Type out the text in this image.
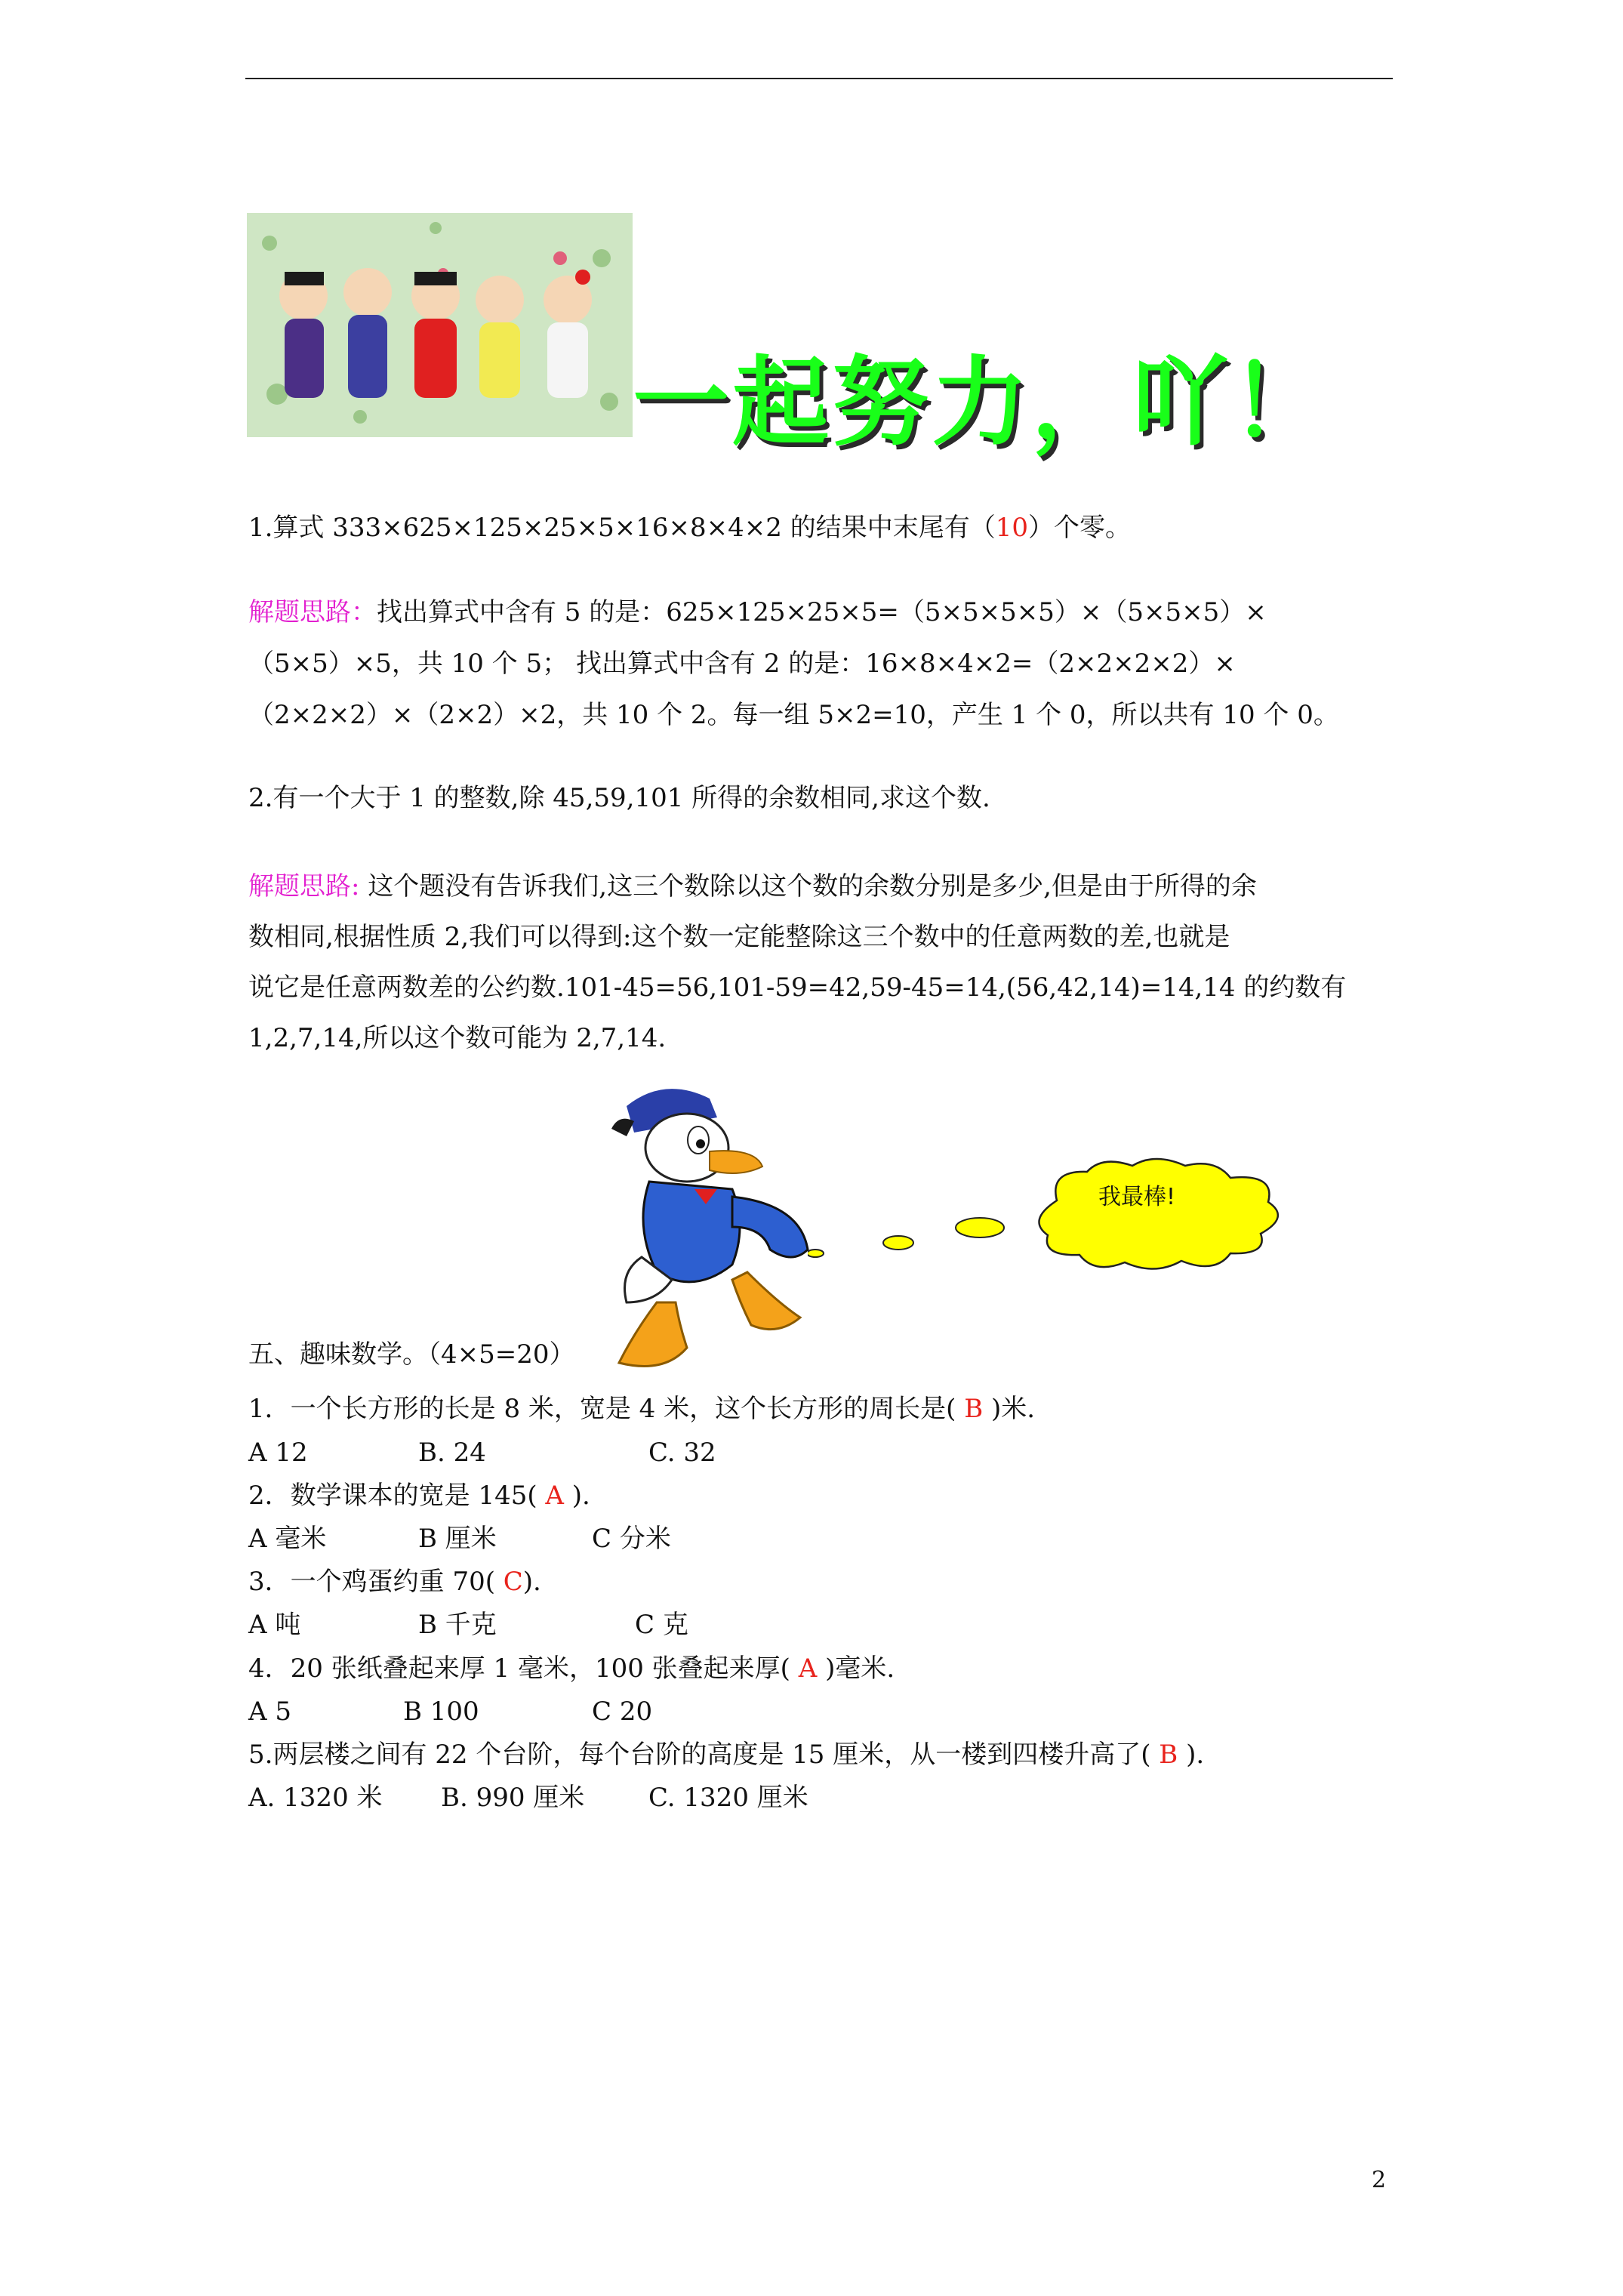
一起努力，吖！
1.算式 333×625×125×25×5×16×8×4×2 的结果中末尾有（10）个零。
解题思路：找出算式中含有 5 的是：625×125×25×5=（5×5×5×5）×（5×5×5）×
（5×5）×5，共 10 个 5； 找出算式中含有 2 的是：16×8×4×2=（2×2×2×2）×
（2×2×2）×（2×2）×2，共 10 个 2。每一组 5×2=10，产生 1 个 0，所以共有 10 个 0。
2.有一个大于 1 的整数,除 45,59,101 所得的余数相同,求这个数.
解题思路: 这个题没有告诉我们,这三个数除以这个数的余数分别是多少,但是由于所得的余
数相同,根据性质 2,我们可以得到:这个数一定能整除这三个数中的任意两数的差,也就是
说它是任意两数差的公约数.101-45=56,101-59=42,59-45=14,(56,42,14)=14,14 的约数有
1,2,7,14,所以这个数可能为 2,7,14.
我最棒!
五、趣味数学。（4×5=20）
1．一个长方形的长是 8 米，宽是 4 米，这个长方形的周长是( B )米.
A 12	B. 24	C. 32
2．数学课本的宽是 145( A ).
A 毫米	B 厘米	C 分米
3．一个鸡蛋约重 70( C).
A 吨	B 千克	C 克
4．20 张纸叠起来厚 1 毫米，100 张叠起来厚( A )毫米.
A 5	B 100	C 20
5.两层楼之间有 22 个台阶，每个台阶的高度是 15 厘米，从一楼到四楼升高了( B ).
A. 1320 米 B. 990 厘米 C. 1320 厘米
2
